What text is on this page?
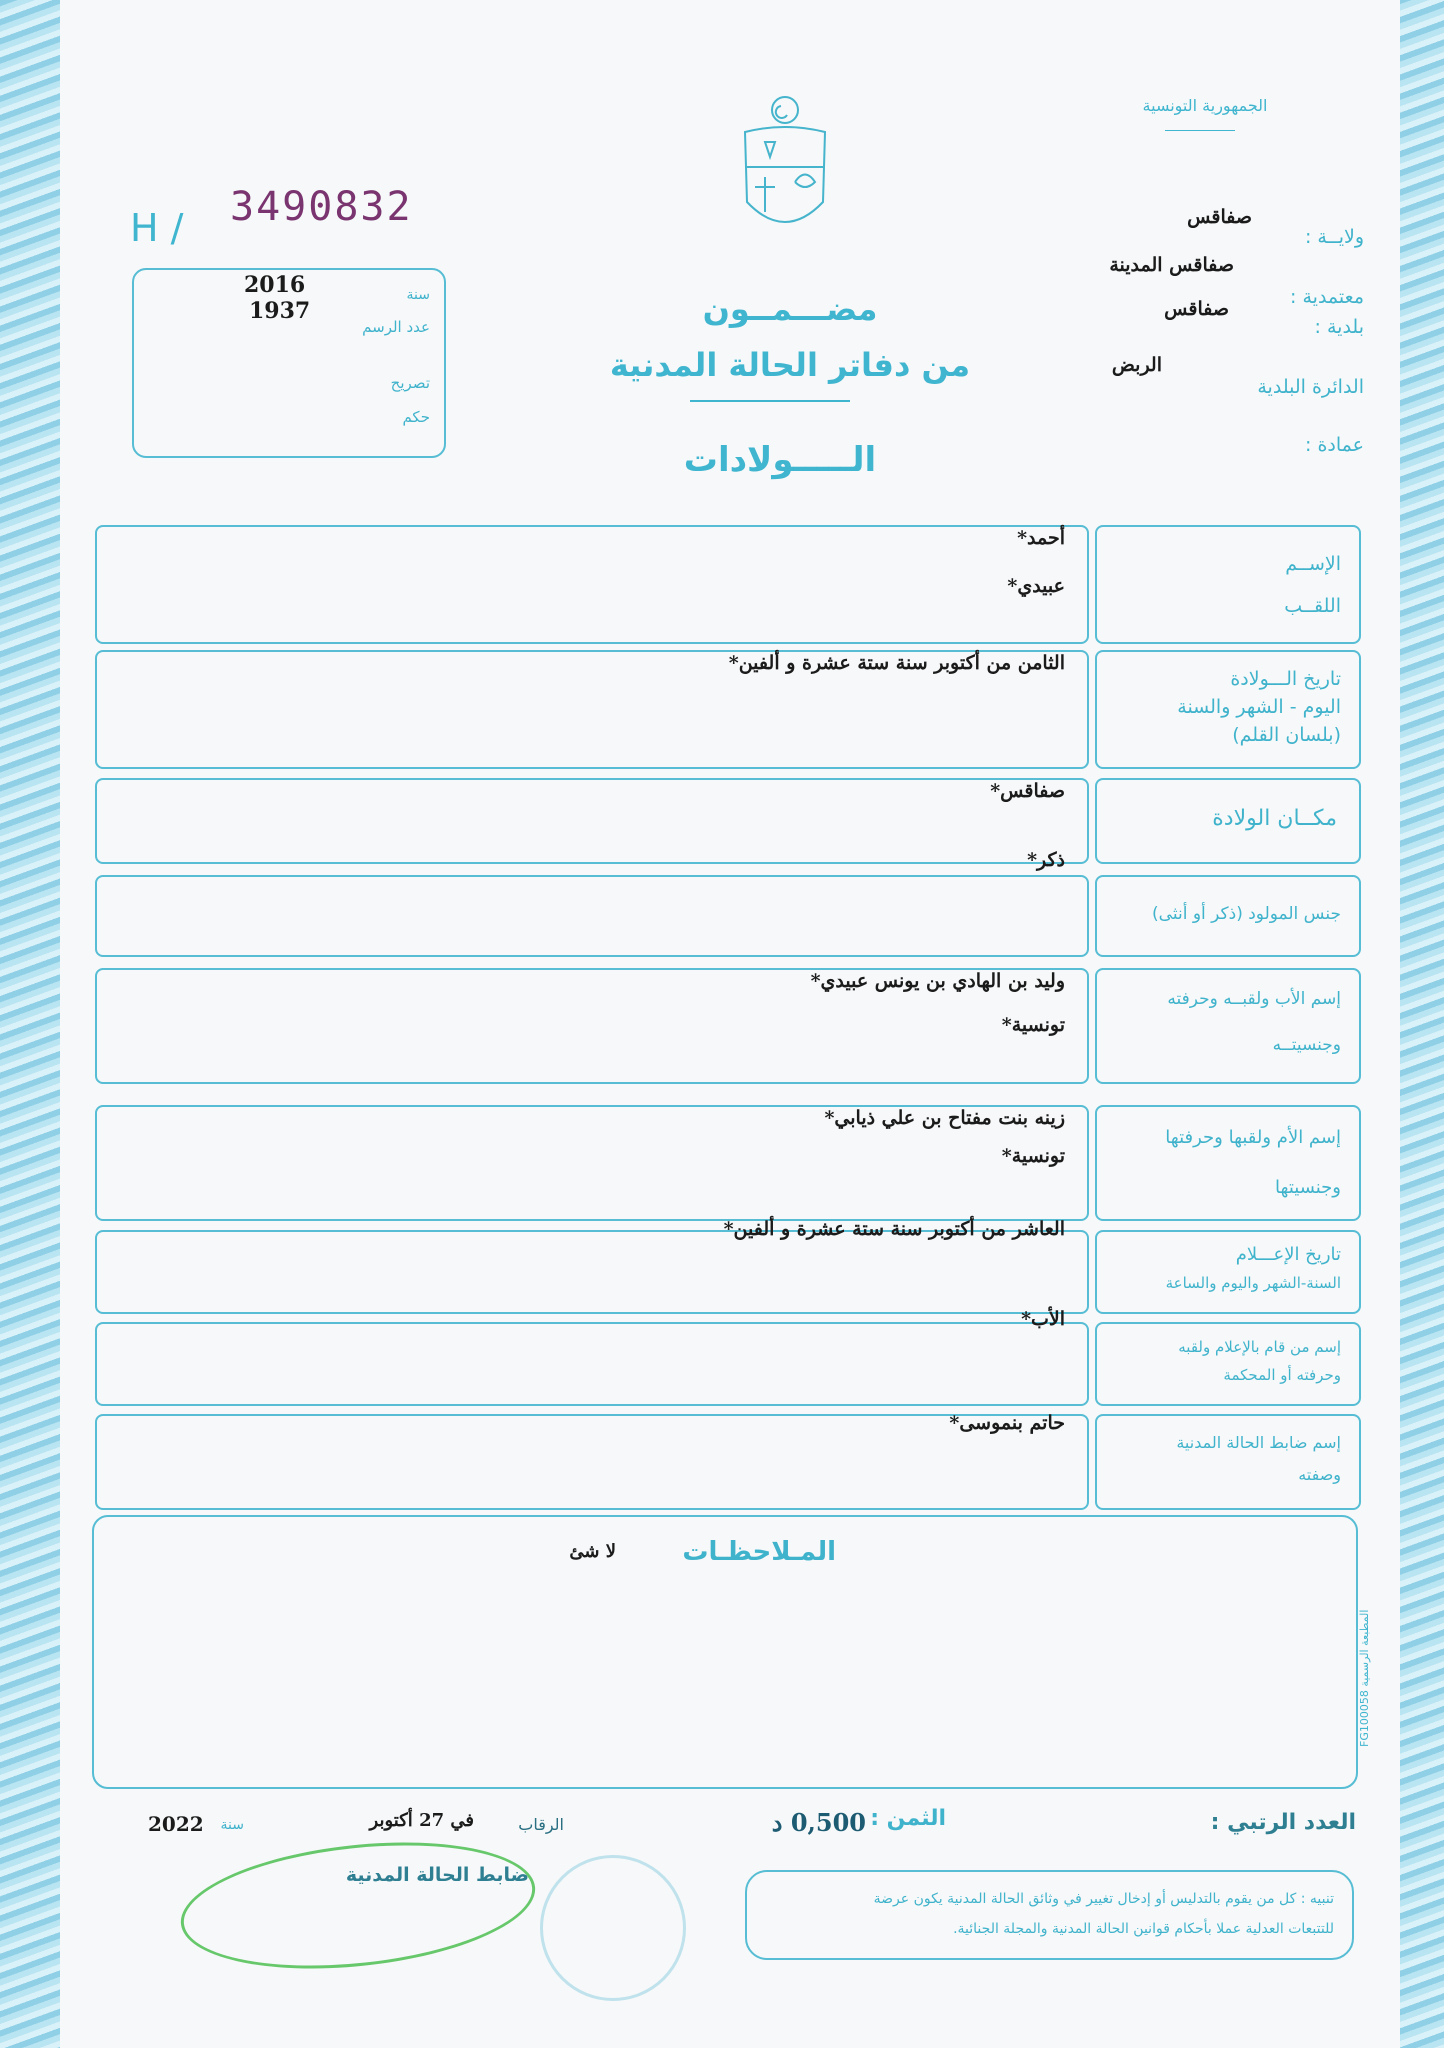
الجمهورية التونسية
H / 3490832
2016
1937
سنة
عدد الرسم
تصريح
حكم
مضـــمــون
من دفاتر الحالة المدنية
الـــــولادات
ولايــة :
صفاقس
معتمدية :
صفاقس المدينة
بلدية :
صفاقس
الدائرة البلدية
الربض
عمادة :
أحمد*
عبيدي*
الإســم
اللقــب
الثامن من أكتوبر سنة ستة عشرة و ألفين*
تاريخ الـــولادة
اليوم - الشهر والسنة
(بلسان القلم)
صفاقس*
مكــان الولادة
ذكر*
جنس المولود (ذكر أو أنثى)
وليد بن الهادي بن يونس عبيدي*
تونسية*
إسم الأب ولقبــه وحرفته
وجنسيتــه
زينه بنت مفتاح بن علي ذيابي*
تونسية*
إسم الأم ولقبها وحرفتها
وجنسيتها
العاشر من أكتوبر سنة ستة عشرة و ألفين*
تاريخ الإعـــلام
السنة-الشهر واليوم والساعة
الأب*
إسم من قام بالإعلام ولقبه
وحرفته أو المحكمة
حاتم بنموسى*
إسم ضابط الحالة المدنية
وصفته
المـلاحظـات
لا شئ
المطبعة الرسمية FG100058
العدد الرتبي :
الثمن :
0,500 د
الرقاب
في 27 أكتوبر
سنة
2022
ضابط الحالة المدنية
تنبيه : كل من يقوم بالتدليس أو إدخال تغيير في وثائق الحالة المدنية يكون عرضة
للتتبعات العدلية عملا بأحكام قوانين الحالة المدنية والمجلة الجنائية.
